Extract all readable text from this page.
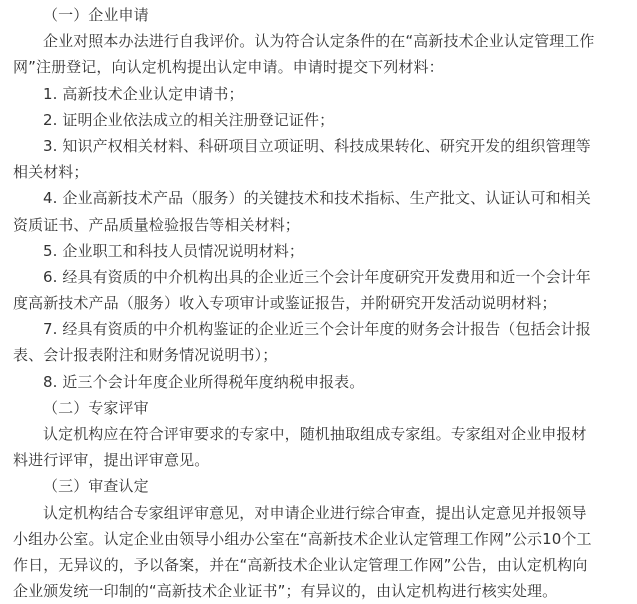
（一）企业申请
企业对照本办法进行自我评价。认为符合认定条件的在“高新技术企业认定管理工作
网”注册登记，向认定机构提出认定申请。申请时提交下列材料：
1. 高新技术企业认定申请书；
2. 证明企业依法成立的相关注册登记证件；
3. 知识产权相关材料、科研项目立项证明、科技成果转化、研究开发的组织管理等
相关材料；
4. 企业高新技术产品（服务）的关键技术和技术指标、生产批文、认证认可和相关
资质证书、产品质量检验报告等相关材料；
5. 企业职工和科技人员情况说明材料；
6. 经具有资质的中介机构出具的企业近三个会计年度研究开发费用和近一个会计年
度高新技术产品（服务）收入专项审计或鉴证报告，并附研究开发活动说明材料；
7. 经具有资质的中介机构鉴证的企业近三个会计年度的财务会计报告（包括会计报
表、会计报表附注和财务情况说明书）；
8. 近三个会计年度企业所得税年度纳税申报表。
（二）专家评审
认定机构应在符合评审要求的专家中，随机抽取组成专家组。专家组对企业申报材
料进行评审，提出评审意见。
（三）审查认定
认定机构结合专家组评审意见，对申请企业进行综合审查，提出认定意见并报领导
小组办公室。认定企业由领导小组办公室在“高新技术企业认定管理工作网”公示10个工
作日，无异议的，予以备案，并在“高新技术企业认定管理工作网”公告，由认定机构向
企业颁发统一印制的“高新技术企业证书”；有异议的，由认定机构进行核实处理。
